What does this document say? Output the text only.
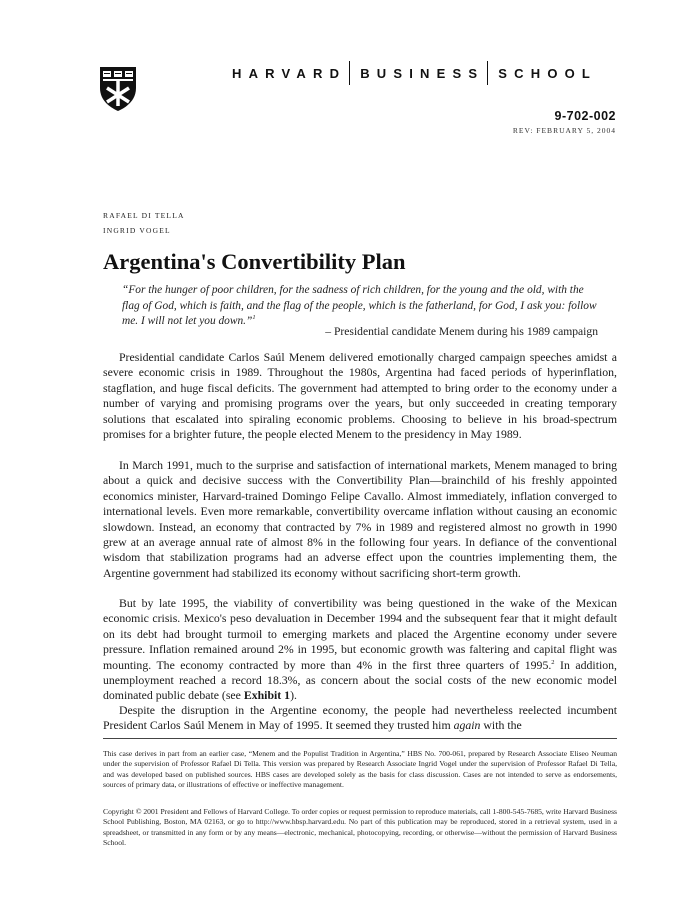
HARVARD BUSINESS SCHOOL
9-702-002
REV: FEBRUARY 5, 2004
RAFAEL DI TELLA
INGRID VOGEL
Argentina's Convertibility Plan
“For the hunger of poor children, for the sadness of rich children, for the young and the old, with the flag of God, which is faith, and the flag of the people, which is the fatherland, for God, I ask you: follow me. I will not let you down.”$^1$
– Presidential candidate Menem during his 1989 campaign

Presidential candidate Carlos Saúl Menem delivered emotionally charged campaign speeches amidst a severe economic crisis in 1989. Throughout the 1980s, Argentina had faced periods of hyperinflation, stagflation, and huge fiscal deficits. The government had attempted to bring order to the economy under a number of varying and promising programs over the years, but only succeeded in creating temporary solutions that escalated into spiraling economic problems. Choosing to believe in his broad-spectrum promises for a brighter future, the people elected Menem to the presidency in May 1989.

In March 1991, much to the surprise and satisfaction of international markets, Menem managed to bring about a quick and decisive success with the Convertibility Plan—brainchild of his freshly appointed economics minister, Harvard-trained Domingo Felipe Cavallo. Almost immediately, inflation converged to international levels. Even more remarkable, convertibility overcame inflation without causing an economic slowdown. Instead, an economy that contracted by 7% in 1989 and registered almost no growth in 1990 grew at an average annual rate of almost 8% in the following four years. In defiance of the conventional wisdom that stabilization programs had an adverse effect upon the countries implementing them, the Argentine government had stabilized its economy without sacrificing short-term growth.

But by late 1995, the viability of convertibility was being questioned in the wake of the Mexican economic crisis. Mexico's peso devaluation in December 1994 and the subsequent fear that it might default on its debt had brought turmoil to emerging markets and placed the Argentine economy under severe pressure. Inflation remained around 2% in 1995, but economic growth was faltering and capital flight was mounting. The economy contracted by more than 4% in the first three quarters of 1995.$^2$ In addition, unemployment reached a record 18.3%, as concern about the social costs of the new economic model dominated public debate (see Exhibit 1).

Despite the disruption in the Argentine economy, the people had nevertheless reelected incumbent President Carlos Saúl Menem in May of 1995. It seemed they trusted him again with the

This case derives in part from an earlier case, “Menem and the Populist Tradition in Argentina,” HBS No. 700-061, prepared by Research Associate Eliseo Neuman under the supervision of Professor Rafael Di Tella. This version was prepared by Research Associate Ingrid Vogel under the supervision of Professor Rafael Di Tella, and was developed based on published sources. HBS cases are developed solely as the basis for class discussion. Cases are not intended to serve as endorsements, sources of primary data, or illustrations of effective or ineffective management.

Copyright © 2001 President and Fellows of Harvard College. To order copies or request permission to reproduce materials, call 1-800-545-7685, write Harvard Business School Publishing, Boston, MA 02163, or go to http://www.hbsp.harvard.edu. No part of this publication may be reproduced, stored in a retrieval system, used in a spreadsheet, or transmitted in any form or by any means—electronic, mechanical, photocopying, recording, or otherwise—without the permission of Harvard Business School.
